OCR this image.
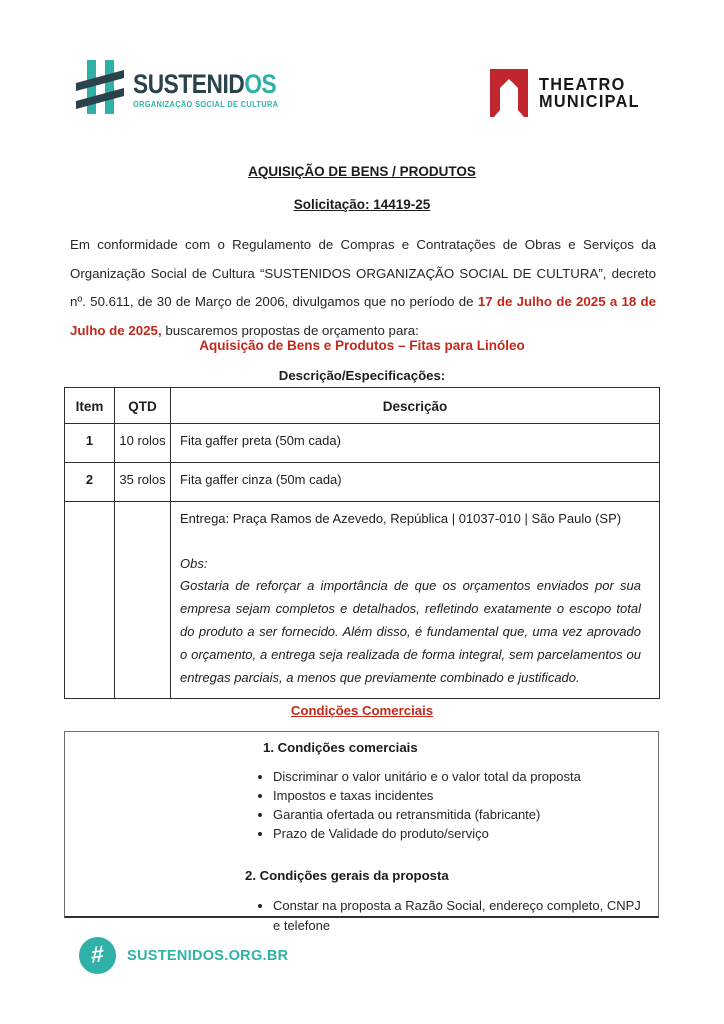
SUSTENIDOS
ORGANIZAÇÃO SOCIAL DE CULTURA
THEATRO
MUNICIPAL
AQUISIÇÃO DE BENS / PRODUTOS
Solicitação: 14419-25

Em conformidade com o Regulamento de Compras e Contratações de Obras e Serviços da Organização Social de Cultura “SUSTENIDOS ORGANIZAÇÃO SOCIAL DE CULTURA”, decreto nº. 50.611, de 30 de Março de 2006, divulgamos que no período de 17 de Julho de 2025 a 18 de Julho de 2025, buscaremos propostas de orçamento para:

Aquisição de Bens e Produtos – Fitas para Linóleo
Descrição/Especificações:
Item	QTD	Descrição
1	10 rolos	Fita gaffer preta (50m cada)
2	35 rolos	Fita gaffer cinza (50m cada)

		Entrega: Praça Ramos de Azevedo, República | 01037-010 | São Paulo (SP)
Obs:
Gostaria de reforçar a importância de que os orçamentos enviados por sua empresa sejam completos e detalhados, refletindo exatamente o escopo total do produto a ser fornecido. Além disso, é fundamental que, uma vez aprovado o orçamento, a entrega seja realizada de forma integral, sem parcelamentos ou entregas parciais, a menos que previamente combinado e justificado.
Condições Comerciais
1. Condições comerciais
• Discriminar o valor unitário e o valor total da proposta
• Impostos e taxas incidentes
• Garantia ofertada ou retransmitida (fabricante)
• Prazo de Validade do produto/serviço
2. Condições gerais da proposta
• Constar na proposta a Razão Social, endereço completo, CNPJ e telefone
# SUSTENIDOS.ORG.BR
